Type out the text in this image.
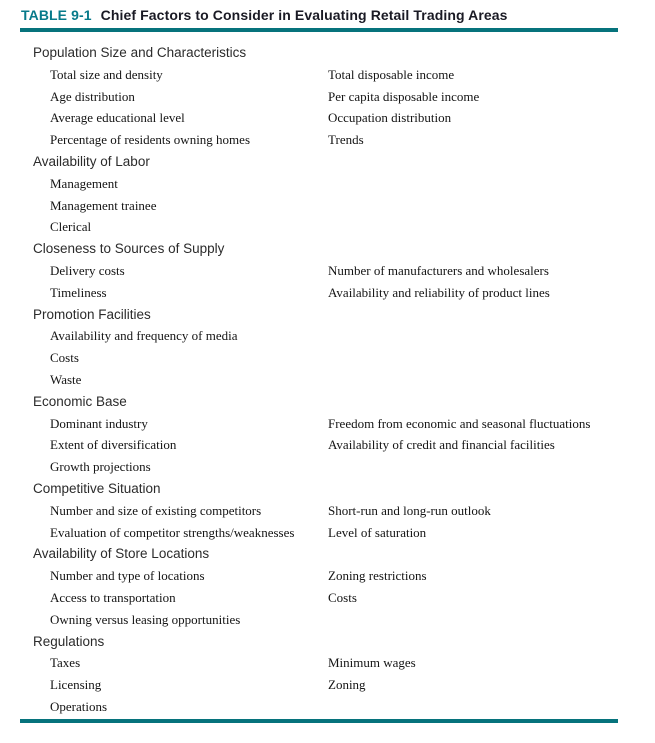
TABLE 9-1 Chief Factors to Consider in Evaluating Retail Trading Areas
Population Size and Characteristics
Total size and density	Total disposable income
Age distribution	Per capita disposable income
Average educational level	Occupation distribution
Percentage of residents owning homes	Trends
Availability of Labor
Management
Management trainee
Clerical
Closeness to Sources of Supply
Delivery costs	Number of manufacturers and wholesalers
Timeliness	Availability and reliability of product lines
Promotion Facilities
Availability and frequency of media
Costs
Waste
Economic Base
Dominant industry	Freedom from economic and seasonal fluctuations
Extent of diversification	Availability of credit and financial facilities
Growth projections
Competitive Situation
Number and size of existing competitors	Short-run and long-run outlook
Evaluation of competitor strengths/weaknesses	Level of saturation
Availability of Store Locations
Number and type of locations	Zoning restrictions
Access to transportation	Costs
Owning versus leasing opportunities
Regulations
Taxes	Minimum wages
Licensing	Zoning
Operations
